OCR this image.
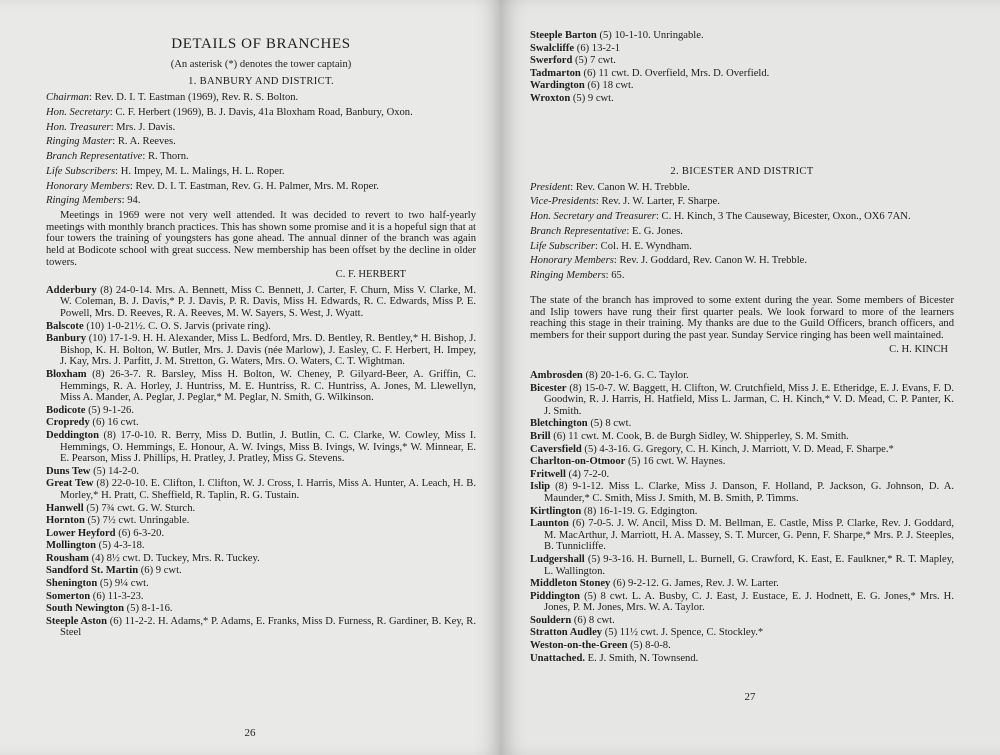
DETAILS OF BRANCHES
(An asterisk (*) denotes the tower captain)
1. BANBURY AND DISTRICT.

Chairman: Rev. D. I. T. Eastman (1969), Rev. R. S. Bolton.

Hon. Secretary: C. F. Herbert (1969), B. J. Davis, 41a Bloxham Road, Banbury, Oxon.

Hon. Treasurer: Mrs. J. Davis.

Ringing Master: R. A. Reeves.

Branch Representative: R. Thorn.

Life Subscribers: H. Impey, M. L. Malings, H. L. Roper.

Honorary Members: Rev. D. I. T. Eastman, Rev. G. H. Palmer, Mrs. M. Roper.

Ringing Members: 94.

Meetings in 1969 were not very well attended. It was decided to revert to two half-yearly meetings with monthly branch practices. This has shown some promise and it is a hopeful sign that at four towers the training of youngsters has gone ahead. The annual dinner of the branch was again held at Bodicote school with great success. New membership has been offset by the decline in older towers.

C. F. HERBERT

Adderbury (8) 24-0-14. Mrs. A. Bennett, Miss C. Bennett, J. Carter, F. Churn, Miss V. Clarke, M. W. Coleman, B. J. Davis,* P. J. Davis, P. R. Davis, Miss H. Edwards, R. C. Edwards, Miss P. E. Powell, Mrs. D. Reeves, R. A. Reeves, M. W. Sayers, S. West, J. Wyatt.

Balscote (10) 1-0-21½. C. O. S. Jarvis (private ring).

Banbury (10) 17-1-9. H. H. Alexander, Miss L. Bedford, Mrs. D. Bentley, R. Bentley,* H. Bishop, J. Bishop, K. H. Bolton, W. Butler, Mrs. J. Davis (née Marlow), J. Easley, C. F. Herbert, H. Impey, J. Kay, Mrs. J. Parfitt, J. M. Stretton, G. Waters, Mrs. O. Waters, C. T. Wightman.

Bloxham (8) 26-3-7. R. Barsley, Miss H. Bolton, W. Cheney, P. Gilyard-Beer, A. Griffin, C. Hemmings, R. A. Horley, J. Huntriss, M. E. Huntriss, R. C. Huntriss, A. Jones, M. Llewellyn, Miss A. Mander, A. Peglar, J. Peglar,* M. Peglar, N. Smith, G. Wilkinson.

Bodicote (5) 9-1-26.

Cropredy (6) 16 cwt.

Deddington (8) 17-0-10. R. Berry, Miss D. Butlin, J. Butlin, C. C. Clarke, W. Cowley, Miss I. Hemmings, O. Hemmings, E. Honour, A. W. Ivings, Miss B. Ivings, W. Ivings,* W. Minnear, E. E. Pearson, Miss J. Phillips, H. Pratley, J. Pratley, Miss G. Stevens.

Duns Tew (5) 14-2-0.

Great Tew (8) 22-0-10. E. Clifton, I. Clifton, W. J. Cross, I. Harris, Miss A. Hunter, A. Leach, H. B. Morley,* H. Pratt, C. Sheffield, R. Taplin, R. G. Tustain.

Hanwell (5) 7¾ cwt. G. W. Sturch.

Hornton (5) 7½ cwt. Unringable.

Lower Heyford (6) 6-3-20.

Mollington (5) 4-3-18.

Rousham (4) 8½ cwt. D. Tuckey, Mrs. R. Tuckey.

Sandford St. Martin (6) 9 cwt.

Shenington (5) 9¼ cwt.

Somerton (6) 11-3-23.

South Newington (5) 8-1-16.

Steeple Aston (6) 11-2-2. H. Adams,* P. Adams, E. Franks, Miss D. Furness, R. Gardiner, B. Key, R. Steel

26

Steeple Barton (5) 10-1-10. Unringable.

Swalcliffe (6) 13-2-1

Swerford (5) 7 cwt.

Tadmarton (6) 11 cwt. D. Overfield, Mrs. D. Overfield.

Wardington (6) 18 cwt.

Wroxton (5) 9 cwt.

2. BICESTER AND DISTRICT

President: Rev. Canon W. H. Trebble.

Vice-Presidents: Rev. J. W. Larter, F. Sharpe.

Hon. Secretary and Treasurer: C. H. Kinch, 3 The Causeway, Bicester, Oxon., OX6 7AN.

Branch Representative: E. G. Jones.

Life Subscriber: Col. H. E. Wyndham.

Honorary Members: Rev. J. Goddard, Rev. Canon W. H. Trebble.

Ringing Members: 65.

The state of the branch has improved to some extent during the year. Some members of Bicester and Islip towers have rung their first quarter peals. We look forward to more of the learners reaching this stage in their training. My thanks are due to the Guild Officers, branch officers, and members for their support during the past year. Sunday Service ringing has been well maintained.

C. H. KINCH

Ambrosden (8) 20-1-6. G. C. Taylor.

Bicester (8) 15-0-7. W. Baggett, H. Clifton, W. Crutchfield, Miss J. E. Etheridge, E. J. Evans, F. D. Goodwin, R. J. Harris, H. Hatfield, Miss L. Jarman, C. H. Kinch,* V. D. Mead, C. P. Panter, K. J. Smith.

Bletchington (5) 8 cwt.

Brill (6) 11 cwt. M. Cook, B. de Burgh Sidley, W. Shipperley, S. M. Smith.

Caversfield (5) 4-3-16. G. Gregory, C. H. Kinch, J. Marriott, V. D. Mead, F. Sharpe.*

Charlton-on-Otmoor (5) 16 cwt. W. Haynes.

Fritwell (4) 7-2-0.

Islip (8) 9-1-12. Miss L. Clarke, Miss J. Danson, F. Holland, P. Jackson, G. Johnson, D. A. Maunder,* C. Smith, Miss J. Smith, M. B. Smith, P. Timms.

Kirtlington (8) 16-1-19. G. Edgington.

Launton (6) 7-0-5. J. W. Ancil, Miss D. M. Bellman, E. Castle, Miss P. Clarke, Rev. J. Goddard, M. MacArthur, J. Marriott, H. A. Massey, S. T. Murcer, G. Penn, F. Sharpe,* Mrs. P. J. Steeples, B. Tunnicliffe.

Ludgershall (5) 9-3-16. H. Burnell, L. Burnell, G. Crawford, K. East, E. Faulkner,* R. T. Mapley, L. Wallington.

Middleton Stoney (6) 9-2-12. G. James, Rev. J. W. Larter.

Piddington (5) 8 cwt. L. A. Busby, C. J. East, J. Eustace, E. J. Hodnett, E. G. Jones,* Mrs. H. Jones, P. M. Jones, Mrs. W. A. Taylor.

Souldern (6) 8 cwt.

Stratton Audley (5) 11½ cwt. J. Spence, C. Stockley.*

Weston-on-the-Green (5) 8-0-8.

Unattached. E. J. Smith, N. Townsend.

27
